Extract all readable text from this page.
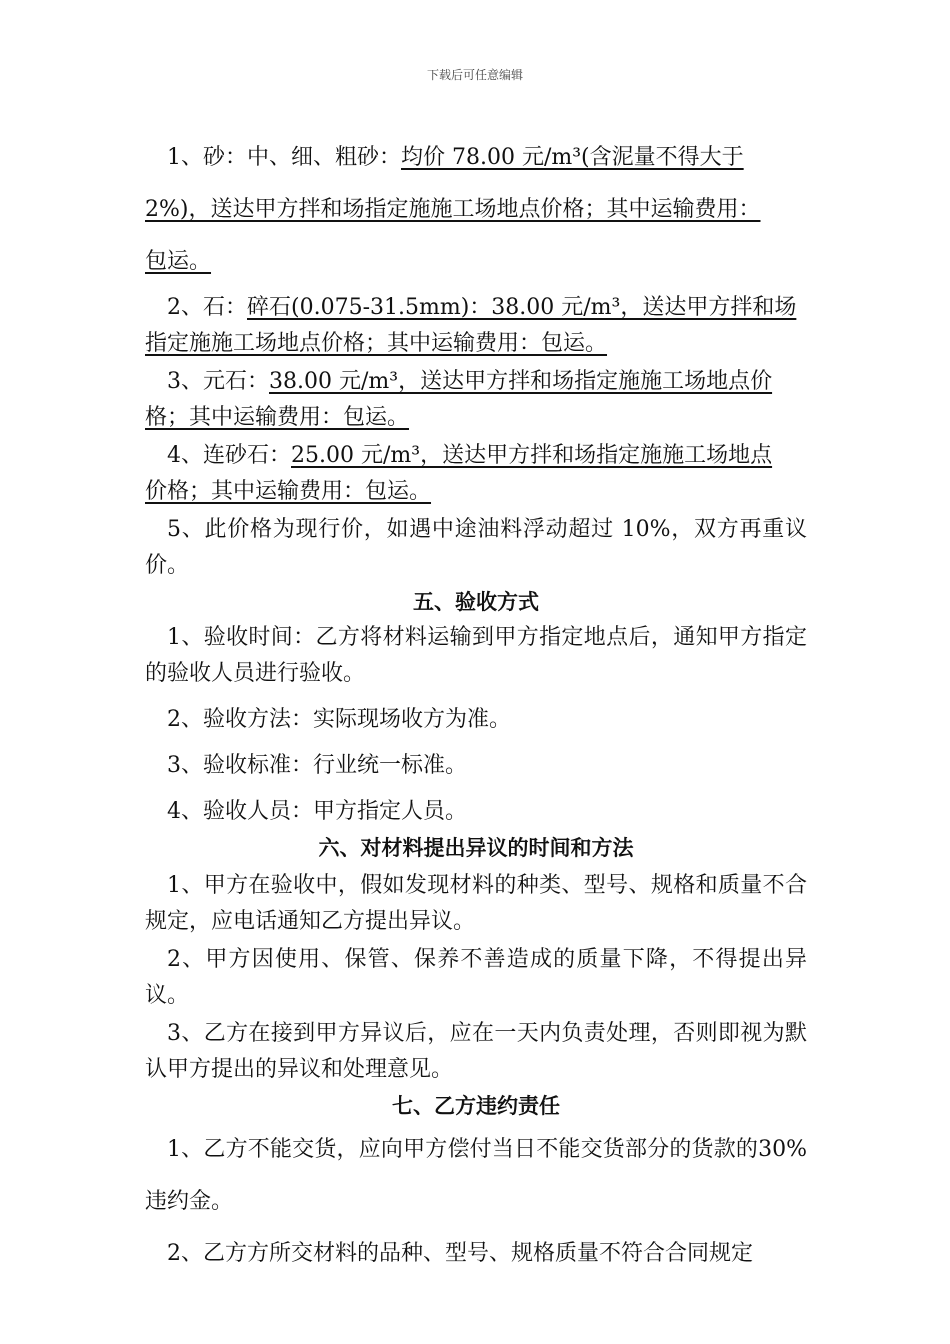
下载后可任意编辑

1、砂：中、细、粗砂：均价 78.00 元/m³(含泥量不得大于
2%)，送达甲方拌和场指定施施工场地点价格；其中运输费用：
包运。

2、石：碎石(0.075-31.5mm)：38.00 元/m³，送达甲方拌和场
指定施施工场地点价格；其中运输费用：包运。

3、元石：38.00 元/m³，送达甲方拌和场指定施施工场地点价
格；其中运输费用：包运。

4、连砂石：25.00 元/m³，送达甲方拌和场指定施施工场地点
价格；其中运输费用：包运。

5、此价格为现行价，如遇中途油料浮动超过 10%，双方再重议价。

五、验收方式

1、验收时间：乙方将材料运输到甲方指定地点后，通知甲方指定的验收人员进行验收。

2、验收方法：实际现场收方为准。

3、验收标准：行业统一标准。

4、验收人员：甲方指定人员。

六、对材料提出异议的时间和方法

1、甲方在验收中，假如发现材料的种类、型号、规格和质量不合规定，应电话通知乙方提出异议。

2、甲方因使用、保管、保养不善造成的质量下降，不得提出异议。

3、乙方在接到甲方异议后，应在一天内负责处理，否则即视为默认甲方提出的异议和处理意见。

七、乙方违约责任

1、乙方不能交货，应向甲方偿付当日不能交货部分的货款的30%违约金。

2、乙方方所交材料的品种、型号、规格质量不符合合同规定
